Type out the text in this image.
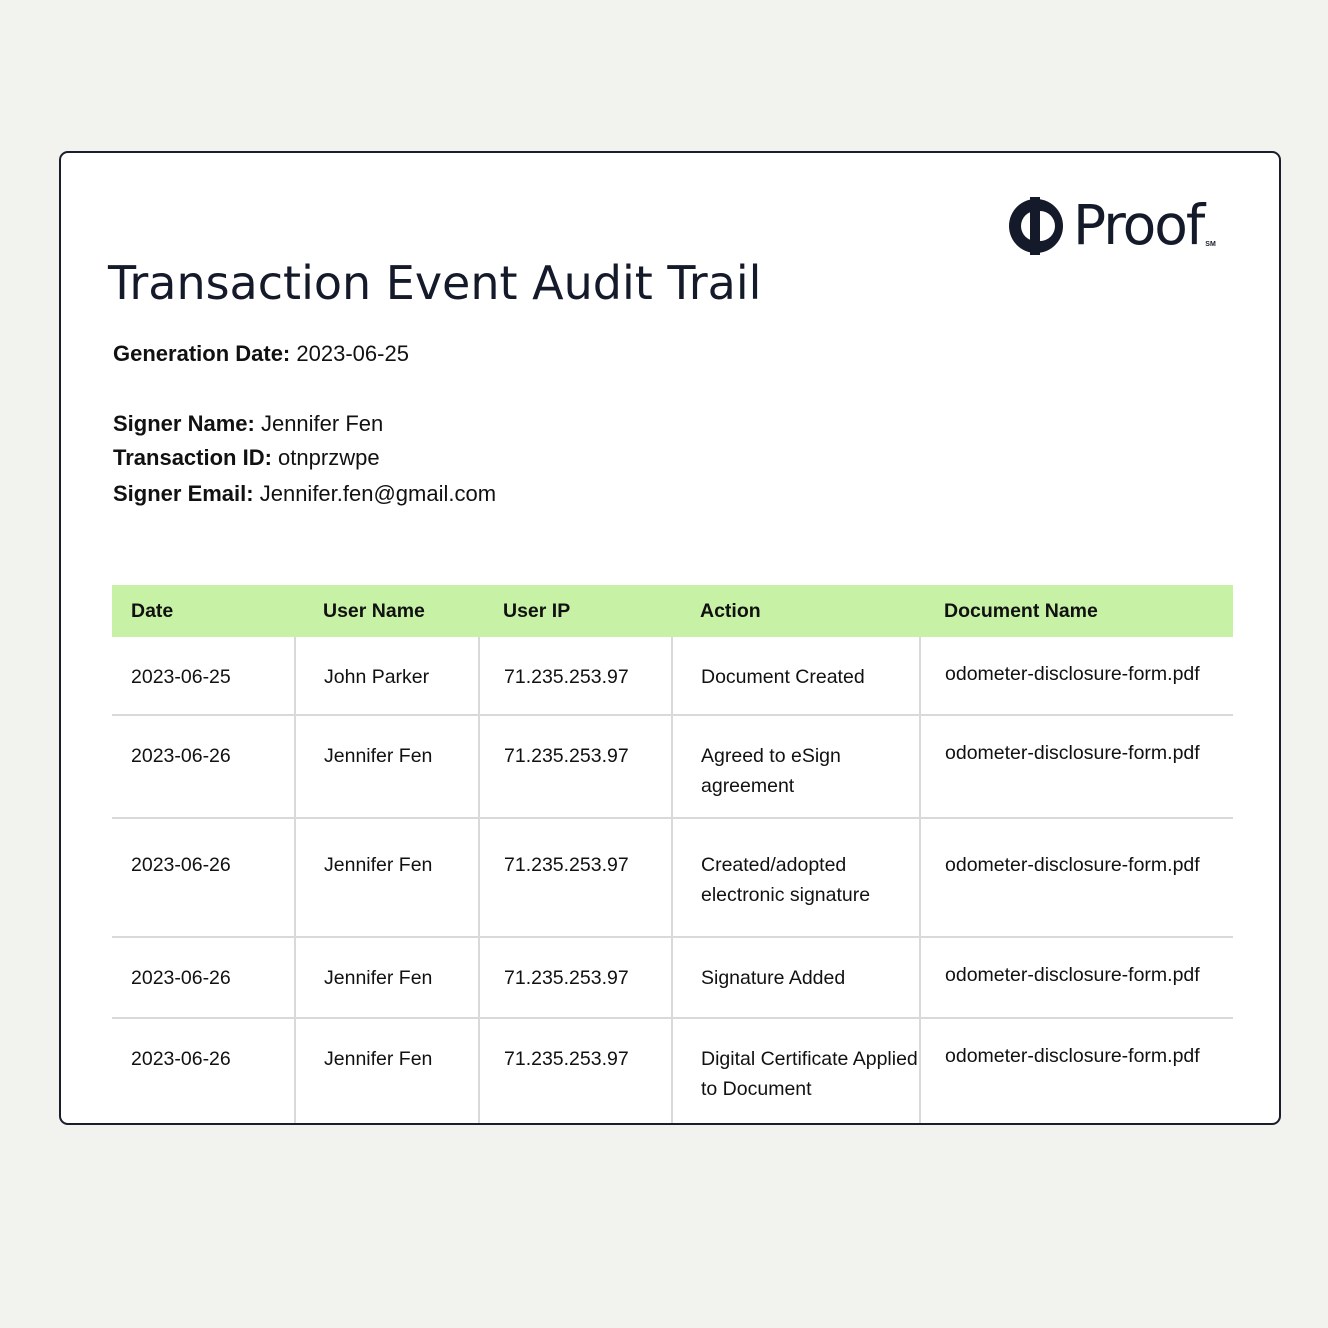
Proof SM
Transaction Event Audit Trail
Generation Date: 2023-06-25
Signer Name: Jennifer Fen
Transaction ID: otnprzwpe
Signer Email: Jennifer.fen@gmail.com
Date	User Name	User IP	Action	Document Name
2023-06-25	John Parker	71.235.253.97	Document Created	odometer-disclosure-form.pdf
2023-06-26	Jennifer Fen	71.235.253.97	Agreed to eSign agreement	odometer-disclosure-form.pdf
2023-06-26	Jennifer Fen	71.235.253.97	Created/adopted electronic signature	odometer-disclosure-form.pdf
2023-06-26	Jennifer Fen	71.235.253.97	Signature Added	odometer-disclosure-form.pdf
2023-06-26	Jennifer Fen	71.235.253.97	Digital Certificate Applied to Document	odometer-disclosure-form.pdf
